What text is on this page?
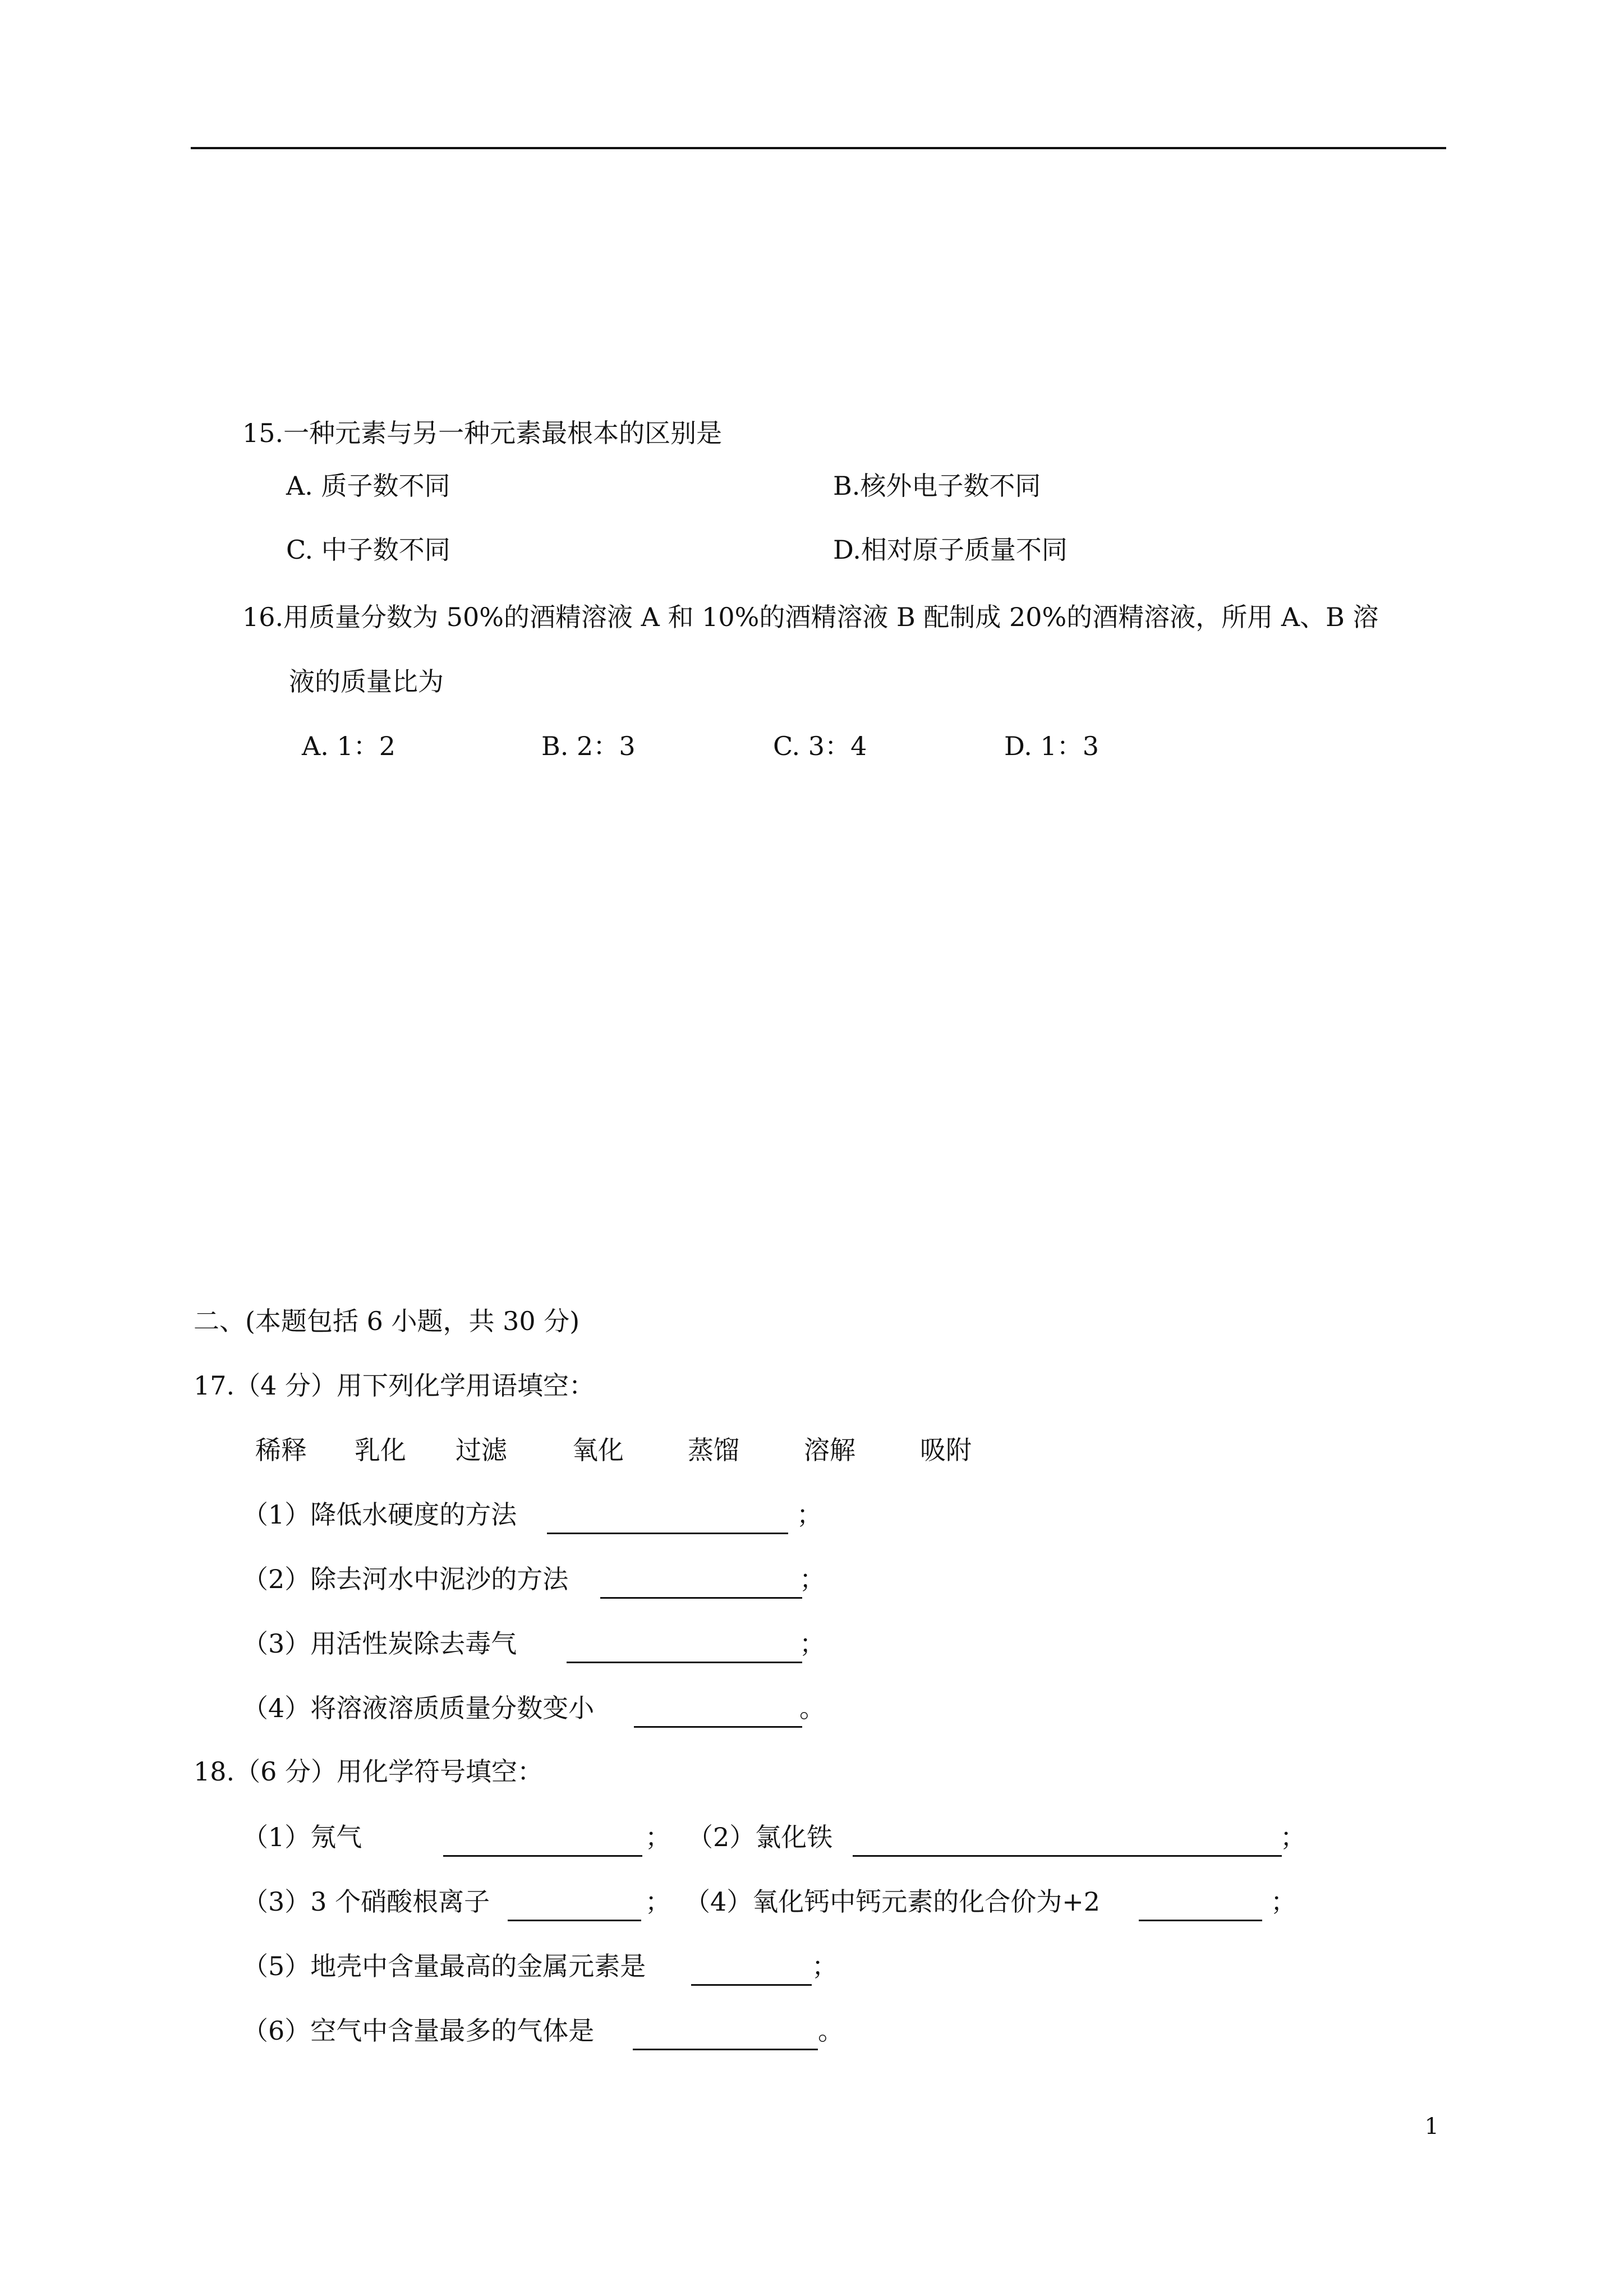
15.一种元素与另一种元素最根本的区别是
A. 质子数不同	B.核外电子数不同
C. 中子数不同	D.相对原子质量不同
16.用质量分数为 50%的酒精溶液 A 和 10%的酒精溶液 B 配制成 20%的酒精溶液，所用 A、B 溶
液的质量比为
A. 1：2	B. 2：3	C. 3：4	D. 1：3
二、(本题包括 6 小题，共 30 分)
17.（4 分）用下列化学用语填空：
稀释 乳化 过滤	氧化 蒸馏	溶解	吸附
（1）降低水硬度的方法	；
（2）除去河水中泥沙的方法	；
（3）用活性炭除去毒气	；
（4）将溶液溶质质量分数变小	。
18.（6 分）用化学符号填空：
（1）氖气	； （2）氯化铁	；
（3）3 个硝酸根离子	； （4）氧化钙中钙元素的化合价为+2	；
（5）地壳中含量最高的金属元素是	；
（6）空气中含量最多的气体是	。
1
